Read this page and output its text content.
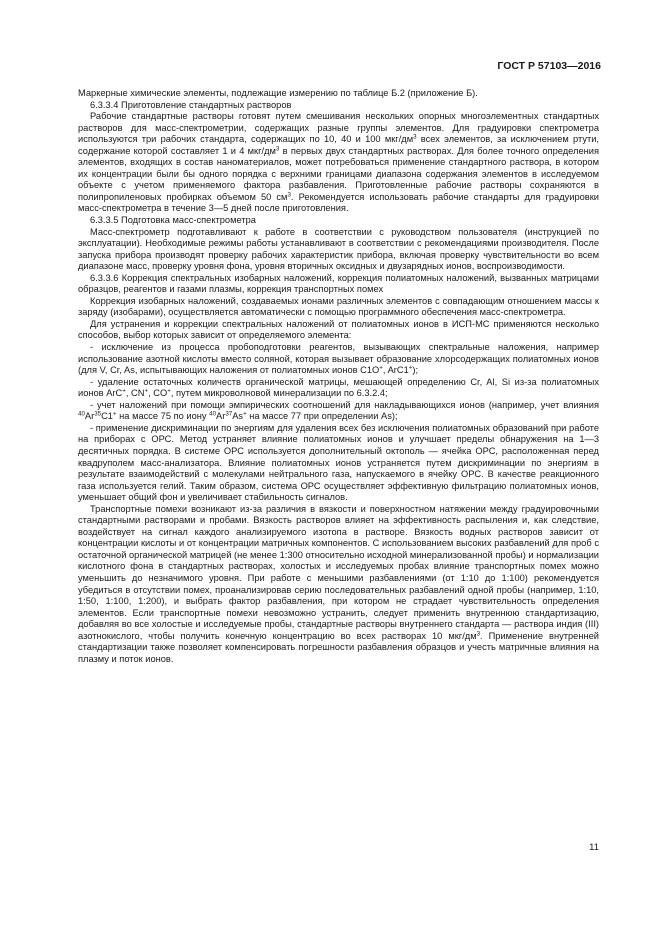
ГОСТ Р 57103—2016

Маркерные химические элементы, подлежащие измерению по таблице Б.2 (приложение Б).

6.3.3.4 Приготовление стандартных растворов

Рабочие стандартные растворы готовят путем смешивания нескольких опорных многоэлементных стандартных растворов для масс-спектрометрии, содержащих разные группы элементов. Для градуировки спектрометра используются три рабочих стандарта, содержащих по 10, 40 и 100 мкг/$дм^3$ всех элементов, за исключением ртути, содержание которой составляет 1 и 4 мкг/$дм^3$ в первых двух стандартных растворах. Для более точного определения элементов, входящих в состав наноматериалов, может потребоваться применение стандартного раствора, в котором их концентрации были бы одного порядка с верхними границами диапазона содержания элементов в исследуемом объекте с учетом применяемого фактора разбавления. Приготовленные рабочие растворы сохраняются в полипропиленовых пробирках объемом 50 $см^3$. Рекомендуется использовать рабочие стандарты для градуировки масс-спектрометра в течение 3—5 дней после приготовления.

6.3.3.5 Подготовка масс-спектрометра

Масс-спектрометр подготавливают к работе в соответствии с руководством пользователя (инструкцией по эксплуатации). Необходимые режимы работы устанавливают в соответствии с рекомендациями производителя. После запуска прибора производят проверку рабочих характеристик прибора, включая проверку чувствительности во всем диапазоне масс, проверку уровня фона, уровня вторичных оксидных и двузарядных ионов, воспроизводимости.

6.3.3.6 Коррекция спектральных изобарных наложений, коррекция полиатомных наложений, вызванных матрицами образцов, реагентов и газами плазмы, коррекция транспортных помех

Коррекция изобарных наложений, создаваемых ионами различных элементов с совпадающим отношением массы к заряду (изобарами), осуществляется автоматически с помощью программного обеспечения масс-спектрометра.

Для устранения и коррекции спектральных наложений от полиатомных ионов в ИСП-МС применяются несколько способов, выбор которых зависит от определяемого элемента:

- исключение из процесса пробоподготовки реагентов, вызывающих спектральные наложения, например использование азотной кислоты вместо соляной, которая вызывает образование хлорсодержащих полиатомных ионов (для V, Cr, As, испытывающих наложения от полиатомных ионов C1O+, ArC1+);

- удаление остаточных количеств органической матрицы, мешающей определению Cr, Al, Si из-за полиатомных ионов ArC+, CN+, CO+, путем микроволновой минерализации по 6.3.2.4;

- учет наложений при помощи эмпирических соотношений для накладывающихся ионов (например, учет влияния $^{40}$Ar$^{35}$C1+ на массе 75 по иону $^{40}$Ar$^{37}$As+ на массе 77 при определении As);

- применение дискриминации по энергиям для удаления всех без исключения полиатомных образований при работе на приборах с ОРС. Метод устраняет влияние полиатомных ионов и улучшает пределы обнаружения на 1—3 десятичных порядка. В системе ОРС используется дополнительный октополь — ячейка ОРС, расположенная перед квадруполем масс-анализатора. Влияние полиатомных ионов устраняется путем дискриминации по энергиям в результате взаимодействий с молекулами нейтрального газа, напускаемого в ячейку ОРС. В качестве реакционного газа используется гелий. Таким образом, система ОРС осуществляет эффективную фильтрацию полиатомных ионов, уменьшает общий фон и увеличивает стабильность сигналов.

Транспортные помехи возникают из-за различия в вязкости и поверхностном натяжении между градуировочными стандартными растворами и пробами. Вязкость растворов влияет на эффективность распыления и, как следствие, воздействует на сигнал каждого анализируемого изотопа в растворе. Вязкость водных растворов зависит от концентрации кислоты и от концентрации матричных компонентов. С использованием высоких разбавлений для проб с остаточной органической матрицей (не менее 1:300 относительно исходной минерализованной пробы) и нормализации кислотного фона в стандартных растворах, холостых и исследуемых пробах влияние транспортных помех можно уменьшить до незначимого уровня. При работе с меньшими разбавлениями (от 1:10 до 1:100) рекомендуется убедиться в отсутствии помех, проанализировав серию последовательных разбавлений одной пробы (например, 1:10, 1:50, 1:100, 1:200), и выбрать фактор разбавления, при котором не страдает чувствительность определения элементов. Если транспортные помехи невозможно устранить, следует применить внутреннюю стандартизацию, добавляя во все холостые и исследуемые пробы, стандартные растворы внутреннего стандарта — раствора индия (III) азотнокислого, чтобы получить конечную концентрацию во всех растворах 10 мкг/$дм^3$. Применение внутренней стандартизации также позволяет компенсировать погрешности разбавления образцов и учесть матричные влияния на плазму и поток ионов.

11
